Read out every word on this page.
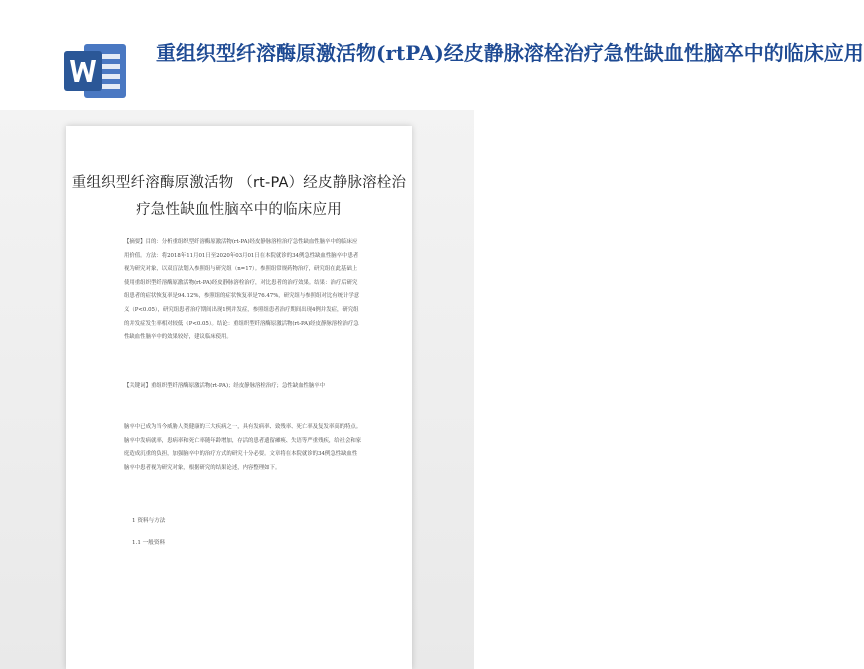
重组织型纤溶酶原激活物(rtPA)经皮静脉溶栓治疗急性缺血性脑卒中的临床应用
重组织型纤溶酶原激活物 （rt-PA）经皮静脉溶栓治疗急性缺血性脑卒中的临床应用
【摘要】目的：分析重组织型纤溶酶原激活物(rt-PA)经皮静脉溶栓治疗急性缺血性脑卒中的临床应用价值。方法：将2018年11月01日至2020年03月01日在本院就诊的34例急性缺血性脑卒中患者视为研究对象，以双盲法划入参照组与研究组（n=17）。参照组常规药物治疗，研究组在此基础上使用重组织型纤溶酶原激活物(rt-PA)经皮静脉溶栓治疗，对比患者的治疗效果。结果：治疗后研究组患者的症状恢复率是94.12%，参照组的症状恢复率是76.47%，研究组与参照组对比有统计学意义（P<0.05），研究组患者治疗期间出现1例并发症，参照组患者治疗期间出现4例并发症，研究组的并发症发生率相对较低（P<0.05）。结论：重组织型纤溶酶原激活物(rt-PA)经皮静脉溶栓治疗急性缺血性脑卒中的效果较好，建议临床使用。
【关键词】重组织型纤溶酶原激活物(rt-PA)；经皮静脉溶栓治疗；急性缺血性脑卒中
脑卒中已成为当今威胁人类健康的三大疾病之一，具有发病率、致残率、死亡率及复发率高的特点。脑卒中发病就率，患病率和死亡率随年龄增加，存活的患者遗留瘫痪、失语等严重残疾，给社会和家庭造成沉重的负担，加强脑卒中的治疗方式的研究十分必要。文章将在本院就诊的34例急性缺血性脑卒中患者视为研究对象，根据研究的结果论述，内容整理如下。
1 资料与方法
1.1 一般资料
